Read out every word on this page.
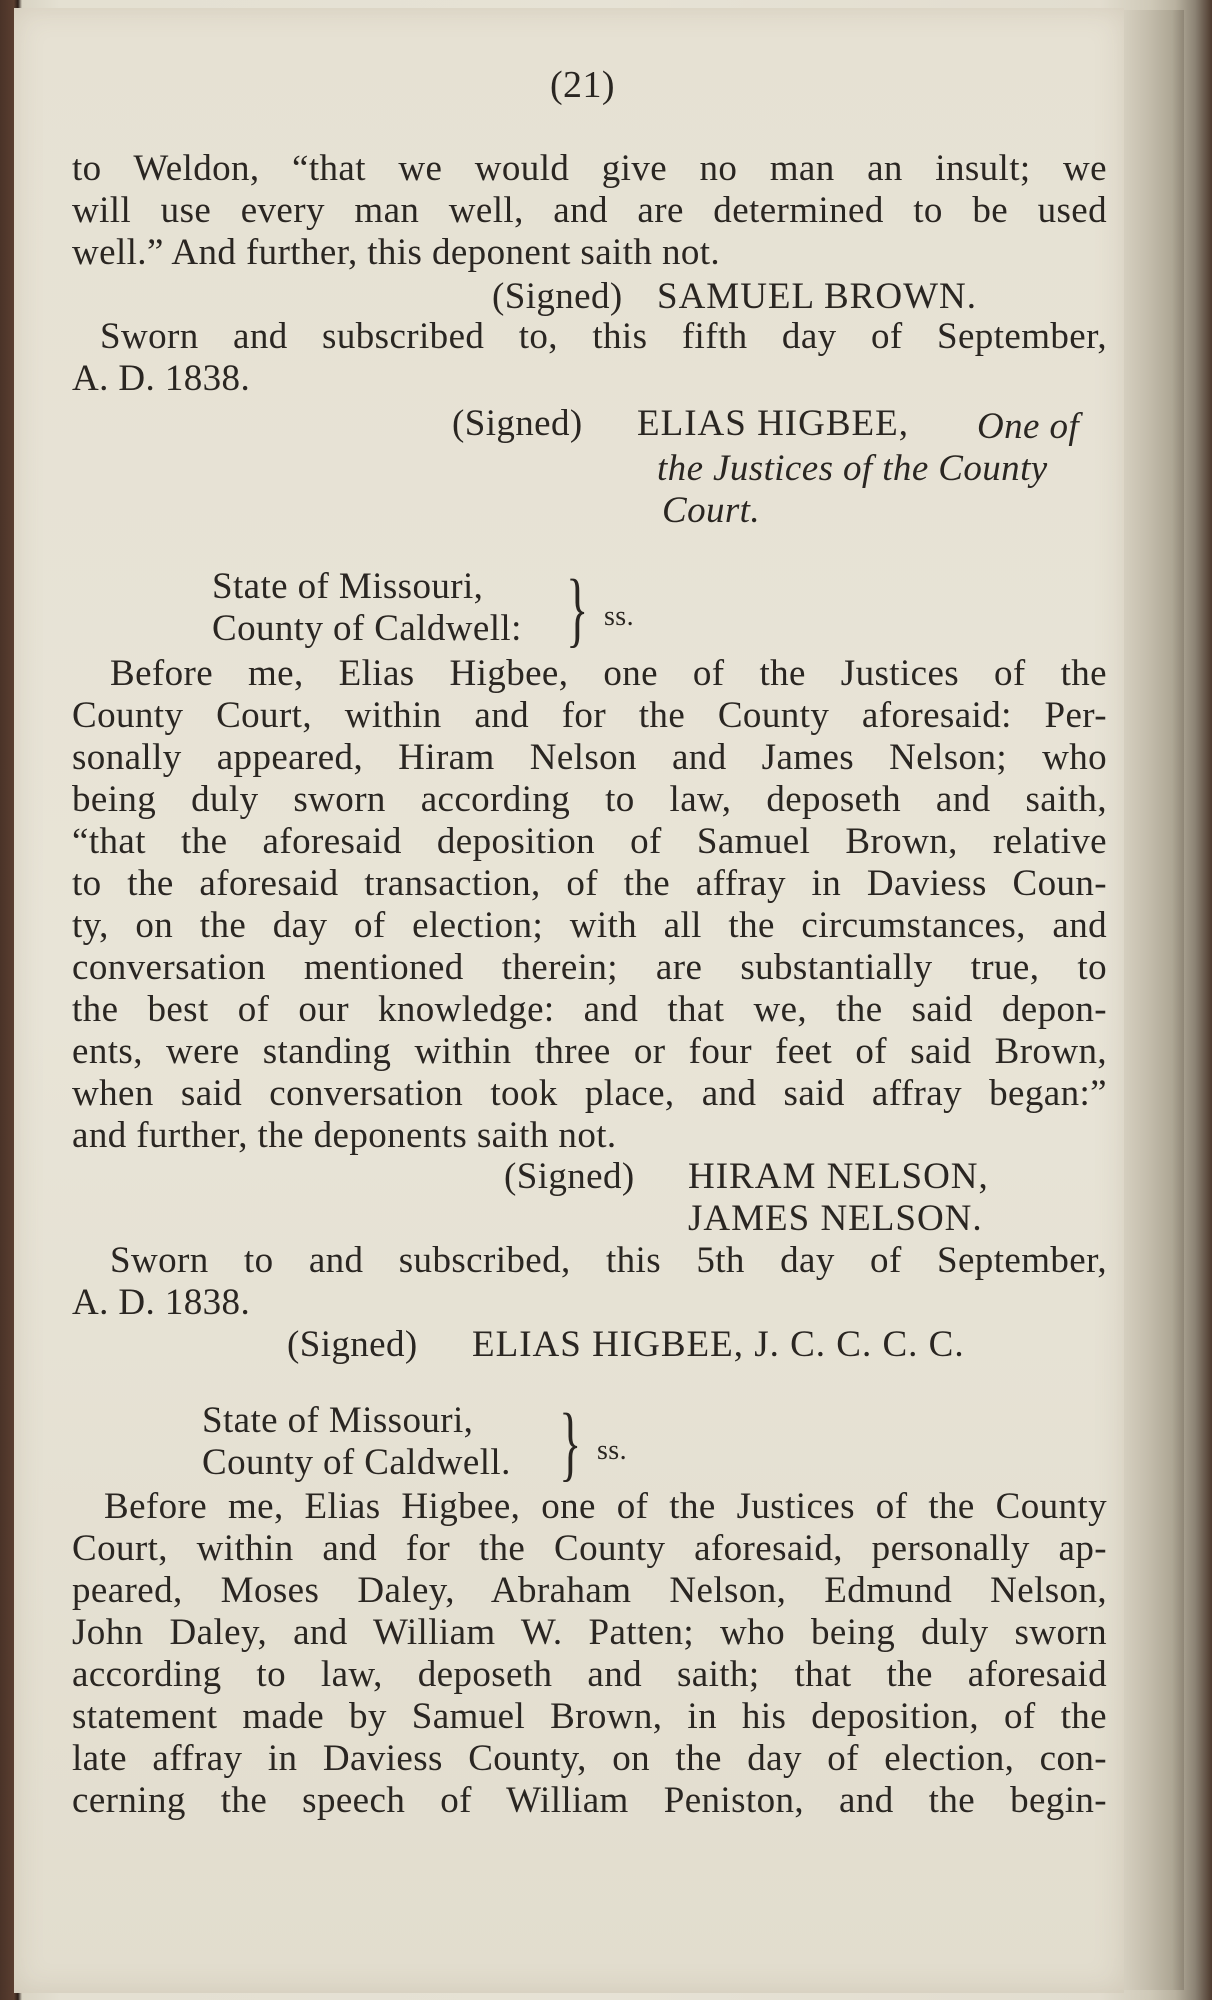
(21)
to Weldon, “that we would give no man an insult; we
will use every man well, and are determined to be used
well.” And further, this deponent saith not.
(Signed) SAMUEL BROWN.
Sworn and subscribed to, this fifth day of September,
A. D. 1838.
(Signed) ELIAS HIGBEE, One of
the Justices of the County
Court.
State of Missouri,
County of Caldwell: } ss.
Before me, Elias Higbee, one of the Justices of the
County Court, within and for the County aforesaid: Per-
sonally appeared, Hiram Nelson and James Nelson; who
being duly sworn according to law, deposeth and saith,
“that the aforesaid deposition of Samuel Brown, relative
to the aforesaid transaction, of the affray in Daviess Coun-
ty, on the day of election; with all the circumstances, and
conversation mentioned therein; are substantially true, to
the best of our knowledge: and that we, the said depon-
ents, were standing within three or four feet of said Brown,
when said conversation took place, and said affray began:”
and further, the deponents saith not.
(Signed) HIRAM NELSON,
JAMES NELSON.
Sworn to and subscribed, this 5th day of September,
A. D. 1838.
(Signed) ELIAS HIGBEE, J. C. C. C. C.
State of Missouri,
County of Caldwell. } ss.
Before me, Elias Higbee, one of the Justices of the County
Court, within and for the County aforesaid, personally ap-
peared, Moses Daley, Abraham Nelson, Edmund Nelson,
John Daley, and William W. Patten; who being duly sworn
according to law, deposeth and saith; that the aforesaid
statement made by Samuel Brown, in his deposition, of the
late affray in Daviess County, on the day of election, con-
cerning the speech of William Peniston, and the begin-
